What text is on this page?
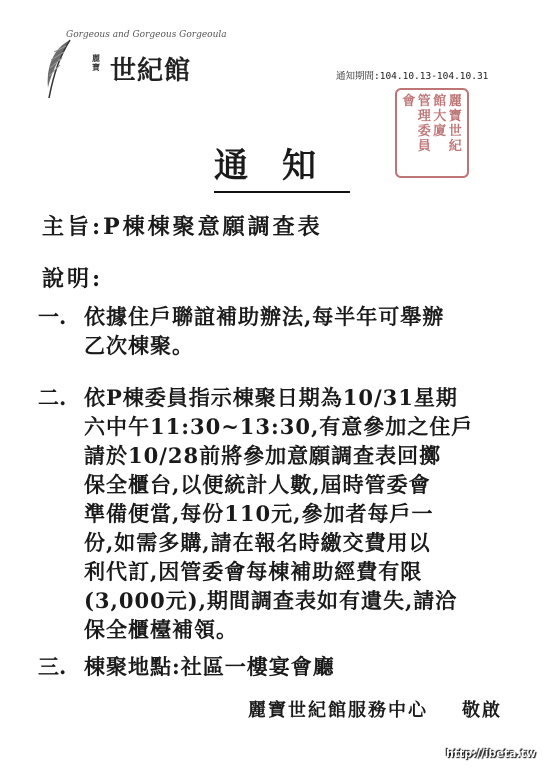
Gorgeous and Gorgeous Gorgeoula
麗寶 世紀館	通知期間:104.10.13-104.10.31
麗寶世紀
館大廈
管理委員
會
通知
主旨:P棟棟聚意願調查表
說明:
一. 依據住戶聯誼補助辦法,每半年可舉辦
乙次棟聚。
二. 依P棟委員指示棟聚日期為10/31星期
六中午11:30~13:30,有意參加之住戶
請於10/28前將參加意願調查表回擲
保全櫃台,以便統計人數,屆時管委會
準備便當,每份110元,參加者每戶一
份,如需多購,請在報名時繳交費用以
利代訂,因管委會每棟補助經費有限
(3,000元),期間調查表如有遺失,請洽
保全櫃檯補領。
三. 棟聚地點:社區一樓宴會廳
麗寶世紀館服務中心 敬啟
http://ibeta.tw
